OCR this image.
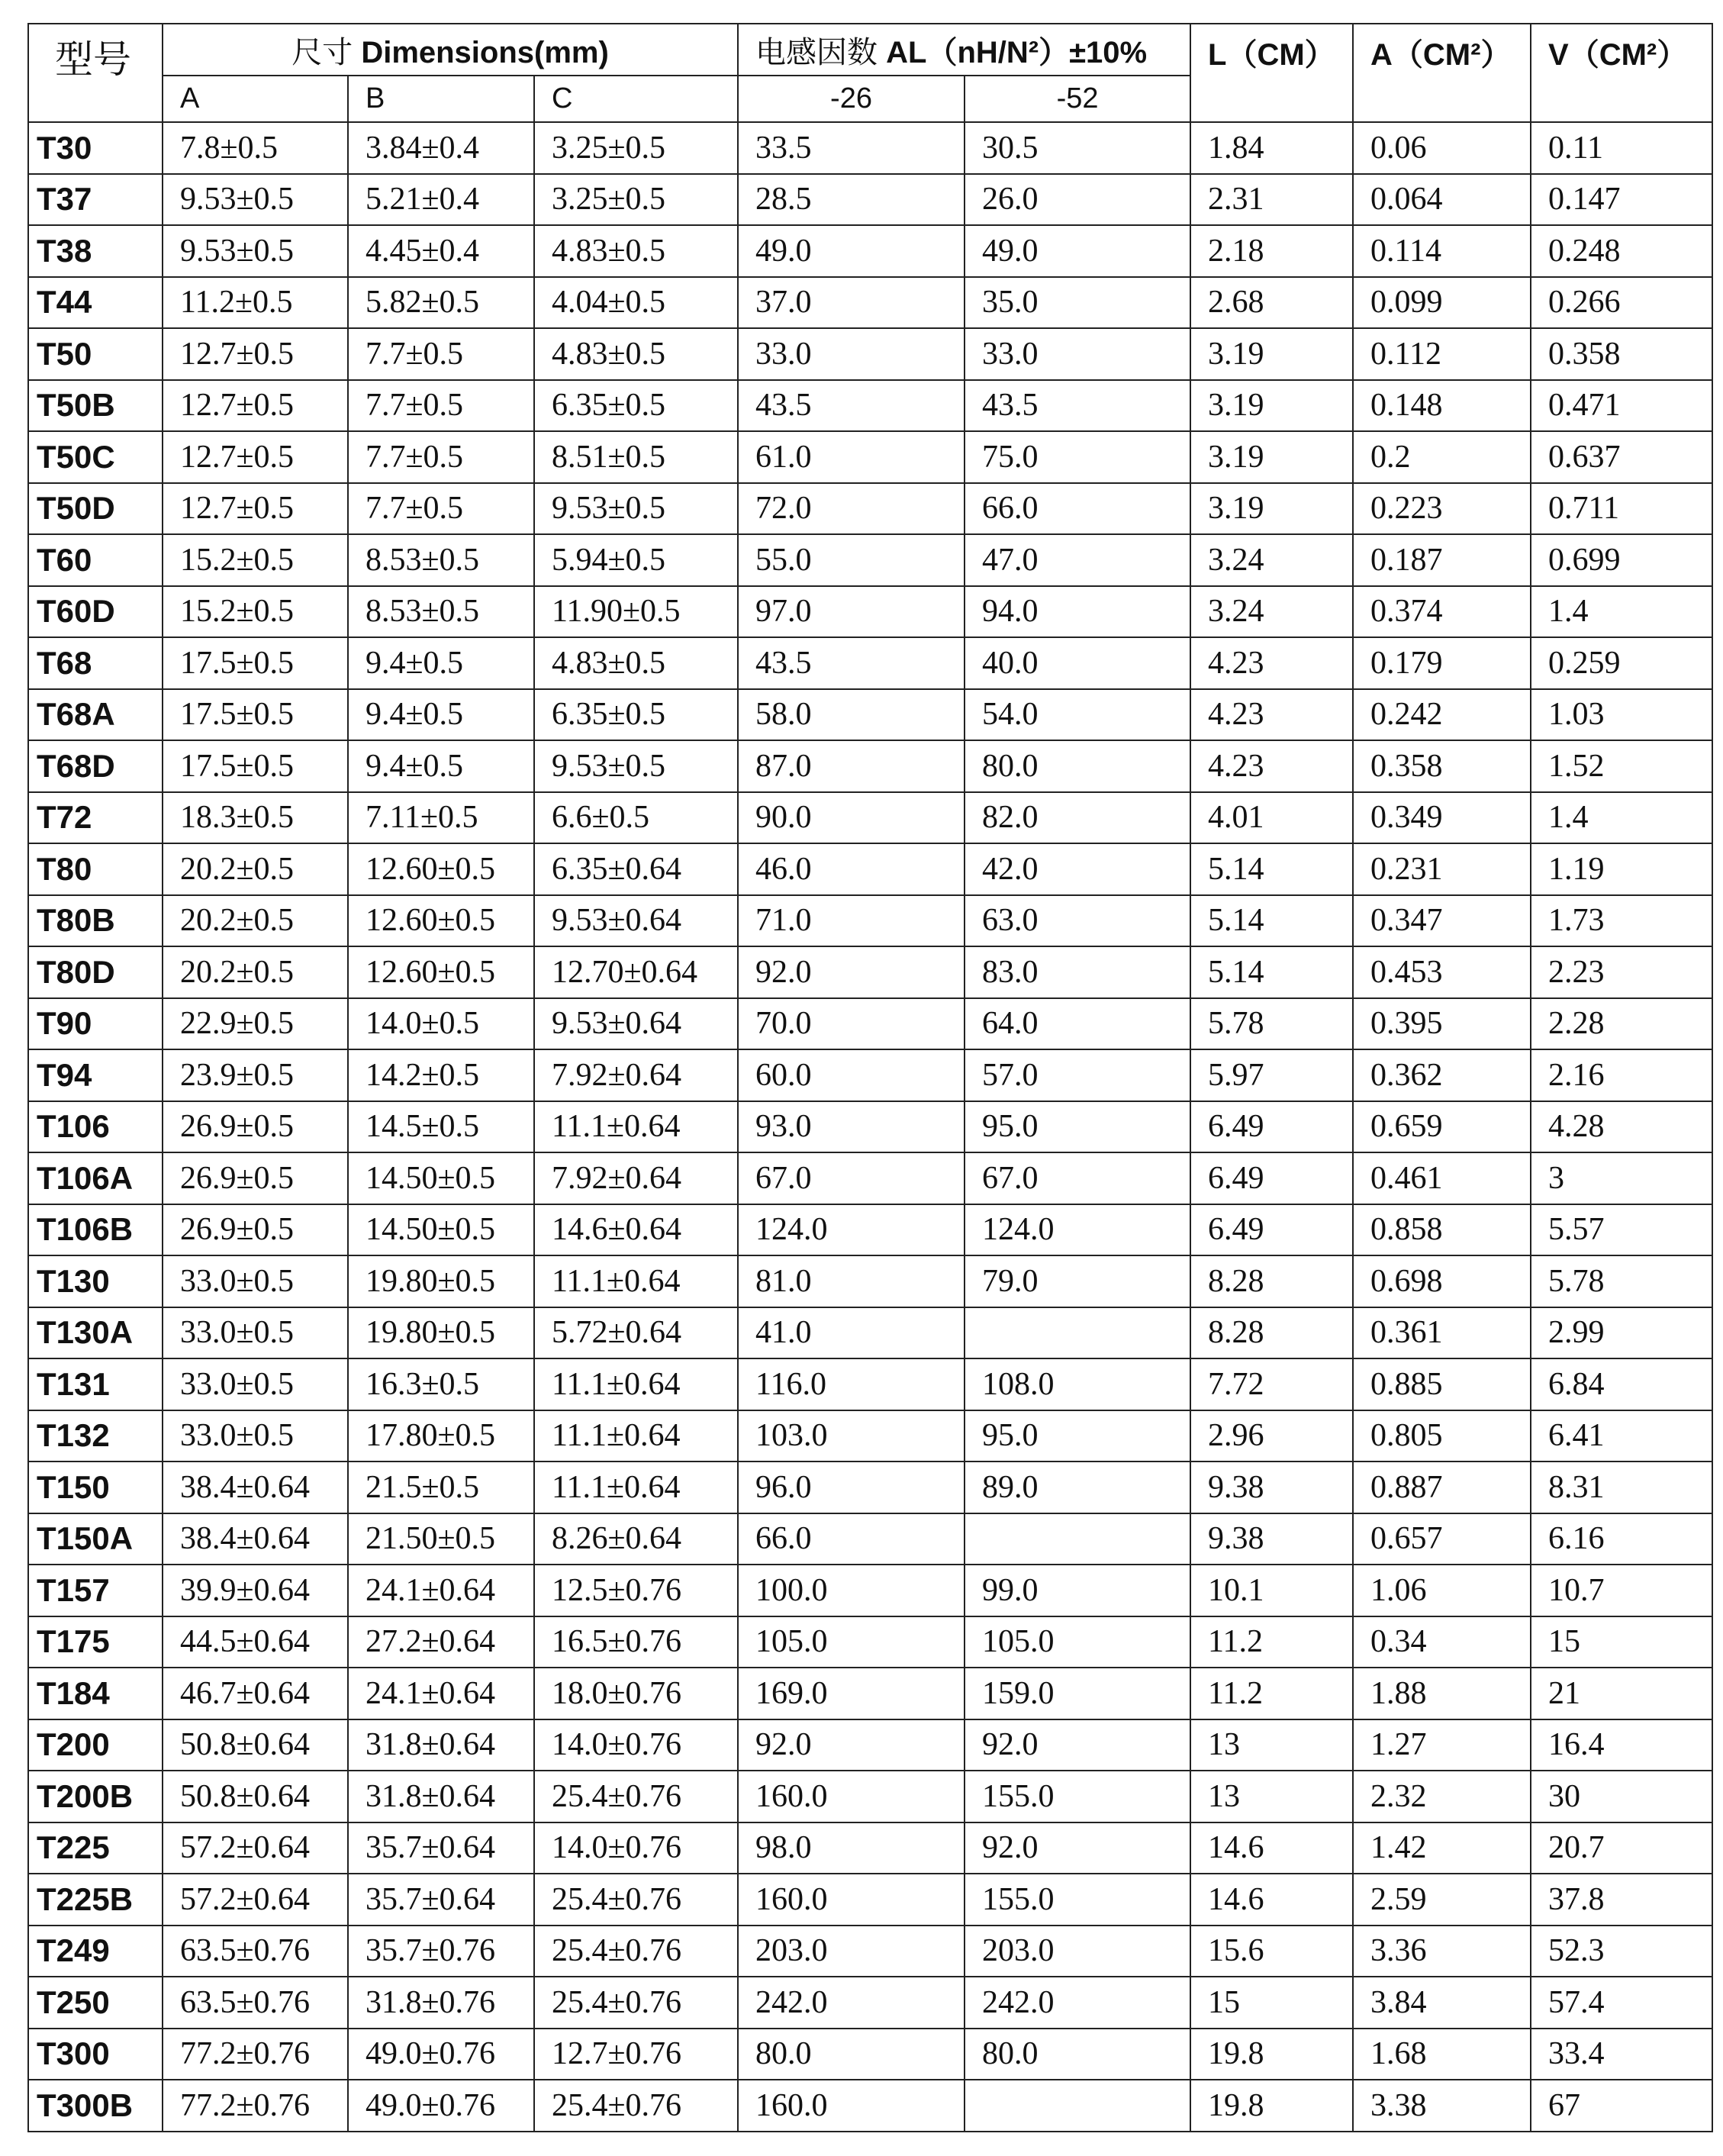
型号	尺寸 Dimensions(mm)			电感因数 AL（nH/N²）±10%		L（CM）	A（CM²）	V（CM²）
	A	B	C	-26	-52			
T30	7.8±0.5	3.84±0.4	3.25±0.5	33.5	30.5	1.84	0.06	0.11
T37	9.53±0.5	5.21±0.4	3.25±0.5	28.5	26.0	2.31	0.064	0.147
T38	9.53±0.5	4.45±0.4	4.83±0.5	49.0	49.0	2.18	0.114	0.248
T44	11.2±0.5	5.82±0.5	4.04±0.5	37.0	35.0	2.68	0.099	0.266
T50	12.7±0.5	7.7±0.5	4.83±0.5	33.0	33.0	3.19	0.112	0.358
T50B	12.7±0.5	7.7±0.5	6.35±0.5	43.5	43.5	3.19	0.148	0.471
T50C	12.7±0.5	7.7±0.5	8.51±0.5	61.0	75.0	3.19	0.2	0.637
T50D	12.7±0.5	7.7±0.5	9.53±0.5	72.0	66.0	3.19	0.223	0.711
T60	15.2±0.5	8.53±0.5	5.94±0.5	55.0	47.0	3.24	0.187	0.699
T60D	15.2±0.5	8.53±0.5	11.90±0.5	97.0	94.0	3.24	0.374	1.4
T68	17.5±0.5	9.4±0.5	4.83±0.5	43.5	40.0	4.23	0.179	0.259
T68A	17.5±0.5	9.4±0.5	6.35±0.5	58.0	54.0	4.23	0.242	1.03
T68D	17.5±0.5	9.4±0.5	9.53±0.5	87.0	80.0	4.23	0.358	1.52
T72	18.3±0.5	7.11±0.5	6.6±0.5	90.0	82.0	4.01	0.349	1.4
T80	20.2±0.5	12.60±0.5	6.35±0.64	46.0	42.0	5.14	0.231	1.19
T80B	20.2±0.5	12.60±0.5	9.53±0.64	71.0	63.0	5.14	0.347	1.73
T80D	20.2±0.5	12.60±0.5	12.70±0.64	92.0	83.0	5.14	0.453	2.23
T90	22.9±0.5	14.0±0.5	9.53±0.64	70.0	64.0	5.78	0.395	2.28
T94	23.9±0.5	14.2±0.5	7.92±0.64	60.0	57.0	5.97	0.362	2.16
T106	26.9±0.5	14.5±0.5	11.1±0.64	93.0	95.0	6.49	0.659	4.28
T106A	26.9±0.5	14.50±0.5	7.92±0.64	67.0	67.0	6.49	0.461	3
T106B	26.9±0.5	14.50±0.5	14.6±0.64	124.0	124.0	6.49	0.858	5.57
T130	33.0±0.5	19.80±0.5	11.1±0.64	81.0	79.0	8.28	0.698	5.78
T130A	33.0±0.5	19.80±0.5	5.72±0.64	41.0		8.28	0.361	2.99
T131	33.0±0.5	16.3±0.5	11.1±0.64	116.0	108.0	7.72	0.885	6.84
T132	33.0±0.5	17.80±0.5	11.1±0.64	103.0	95.0	2.96	0.805	6.41
T150	38.4±0.64	21.5±0.5	11.1±0.64	96.0	89.0	9.38	0.887	8.31
T150A	38.4±0.64	21.50±0.5	8.26±0.64	66.0		9.38	0.657	6.16
T157	39.9±0.64	24.1±0.64	12.5±0.76	100.0	99.0	10.1	1.06	10.7
T175	44.5±0.64	27.2±0.64	16.5±0.76	105.0	105.0	11.2	0.34	15
T184	46.7±0.64	24.1±0.64	18.0±0.76	169.0	159.0	11.2	1.88	21
T200	50.8±0.64	31.8±0.64	14.0±0.76	92.0	92.0	13	1.27	16.4
T200B	50.8±0.64	31.8±0.64	25.4±0.76	160.0	155.0	13	2.32	30
T225	57.2±0.64	35.7±0.64	14.0±0.76	98.0	92.0	14.6	1.42	20.7
T225B	57.2±0.64	35.7±0.64	25.4±0.76	160.0	155.0	14.6	2.59	37.8
T249	63.5±0.76	35.7±0.76	25.4±0.76	203.0	203.0	15.6	3.36	52.3
T250	63.5±0.76	31.8±0.76	25.4±0.76	242.0	242.0	15	3.84	57.4
T300	77.2±0.76	49.0±0.76	12.7±0.76	80.0	80.0	19.8	1.68	33.4
T300B	77.2±0.76	49.0±0.76	25.4±0.76	160.0		19.8	3.38	67
